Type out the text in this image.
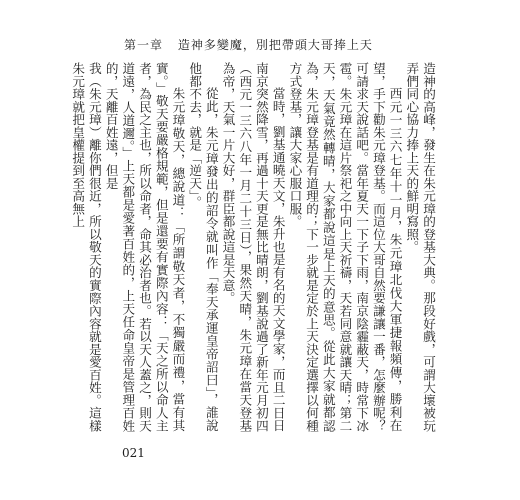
第一章 造神多變魔，別把帶頭大哥捧上天

造神的高峰，發生在朱元璋的登基大典。那段好戲，可謂大壞被玩弄們同心協力捧上天的鮮明寫照。

西元一三六七年十一月，朱元璋北伐大軍捷報頻傳，勝利在望，手下勸朱元璋登基。而這位大哥自然要謙讓一番，怎麼辦呢？可請求天說話吧。當年夏天一下子下雨，南京陰霾蔽天，時常下冰雹。朱元璋在這片祭祀之中向上天祈禱，天若同意就讓天晴；第二天，天氣竟然轉晴，大家都說這是上天的意思。從此大家就都認為，朱元璋登基是有道理的；下一步就是定於上天決定選擇以何種方式登基，讓大家心服口服。

當時，劉基通曉天文，朱升也是有名的天文學家，而且二日日南京突然降雪，再過十天更是無比晴朗，劉基說過了新年元月初四（西元一三六八年一月二十三日），果然天晴，朱元璋在當天登基為帝，天氣一片大好，群臣都說這是天意。

從此，朱元璋發出的詔令就叫作「奉天承運皇帝詔曰」，誰說他都不去，就是「逆天」。

朱元璋敬天，總說道：「所謂敬天者，不獨嚴而禮，當有其實。」敬天要嚴格規範，但是還要有實際內容：「天之所以命人主者，為民之主也，所以命者，命其必治者也。若以天人蓋之，則天道遠，人道邇。」上天都是愛著百姓的，上天任命皇帝是管理百姓的，天離百姓遠，但是

我（朱元璋）離你們很近，所以敬天的實際內容就是愛百姓。這樣朱元璋就把皇權提到至高無上

021
